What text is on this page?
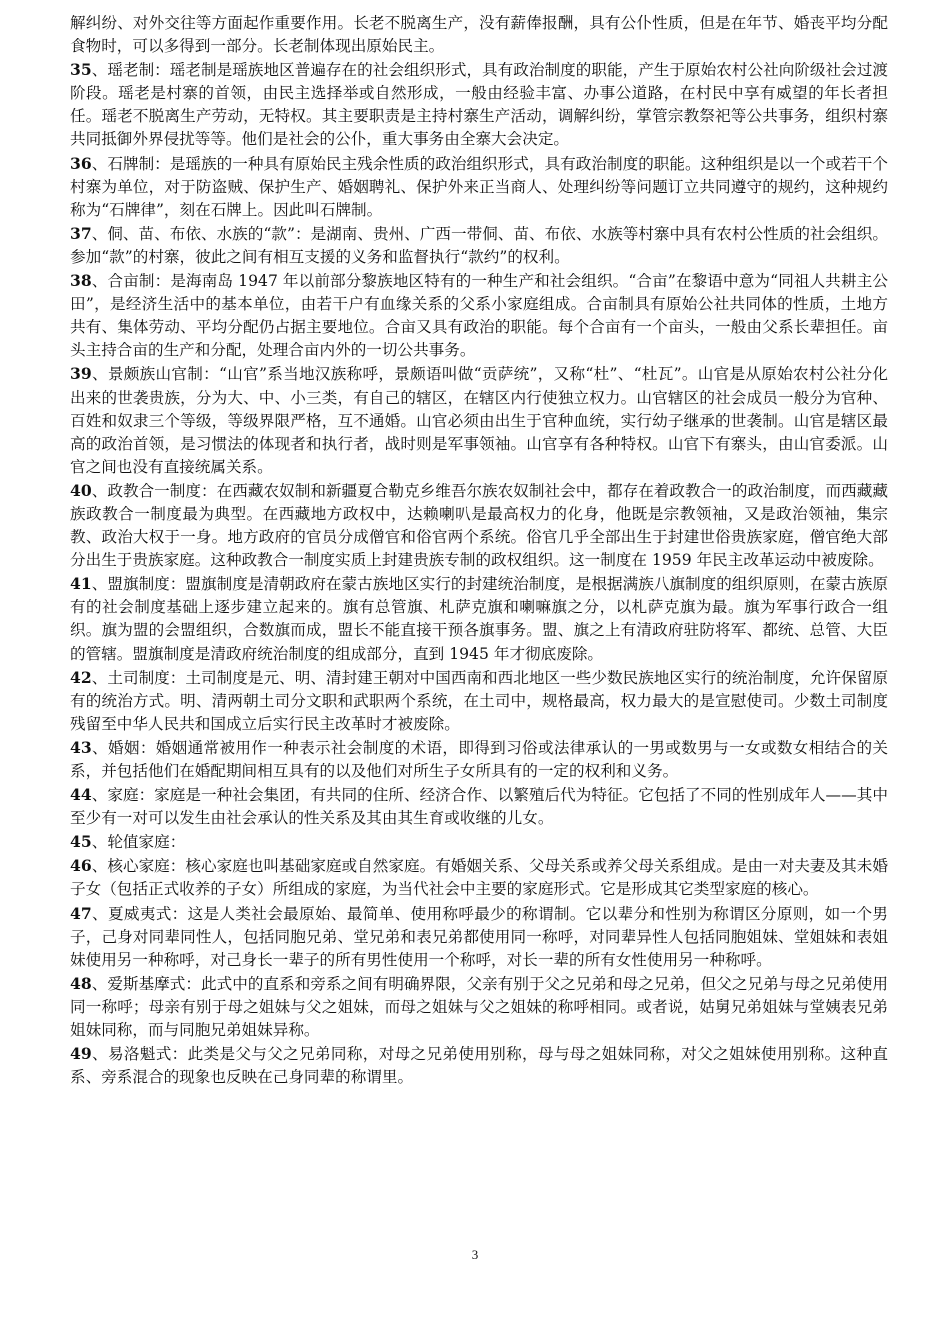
解纠纷、对外交往等方面起作重要作用。长老不脱离生产，没有薪俸报酬，具有公仆性质，但是在年节、婚丧平均分配食物时，可以多得到一部分。长老制体现出原始民主。

35、瑶老制：瑶老制是瑶族地区普遍存在的社会组织形式，具有政治制度的职能，产生于原始农村公社向阶级社会过渡阶段。瑶老是村寨的首领，由民主选择举或自然形成，一般由经验丰富、办事公道路，在村民中享有威望的年长者担任。瑶老不脱离生产劳动，无特权。其主要职责是主持村寨生产活动，调解纠纷，掌管宗教祭祀等公共事务，组织村寨共同抵御外界侵扰等等。他们是社会的公仆，重大事务由全寨大会决定。

36、石牌制：是瑶族的一种具有原始民主残余性质的政治组织形式，具有政治制度的职能。这种组织是以一个或若干个村寨为单位，对于防盗贼、保护生产、婚姻聘礼、保护外来正当商人、处理纠纷等问题订立共同遵守的规约，这种规约称为“石牌律”，刻在石牌上。因此叫石牌制。

37、侗、苗、布依、水族的“款”：是湖南、贵州、广西一带侗、苗、布依、水族等村寨中具有农村公性质的社会组织。参加“款”的村寨，彼此之间有相互支援的义务和监督执行“款约”的权利。

38、合亩制：是海南岛 1947 年以前部分黎族地区特有的一种生产和社会组织。“合亩”在黎语中意为“同祖人共耕主公田”，是经济生活中的基本单位，由若干户有血缘关系的父系小家庭组成。合亩制具有原始公社共同体的性质，土地方共有、集体劳动、平均分配仍占据主要地位。合亩又具有政治的职能。每个合亩有一个亩头，一般由父系长辈担任。亩头主持合亩的生产和分配，处理合亩内外的一切公共事务。

39、景颇族山官制：“山官”系当地汉族称呼，景颇语叫做“贡萨统”，又称“杜”、“杜瓦”。山官是从原始农村公社分化出来的世袭贵族，分为大、中、小三类，有自己的辖区，在辖区内行使独立权力。山官辖区的社会成员一般分为官种、百姓和奴隶三个等级，等级界限严格，互不通婚。山官必须由出生于官种血统，实行幼子继承的世袭制。山官是辖区最高的政治首领，是习惯法的体现者和执行者，战时则是军事领袖。山官享有各种特权。山官下有寨头，由山官委派。山官之间也没有直接统属关系。

40、政教合一制度：在西藏农奴制和新疆夏合勒克乡维吾尔族农奴制社会中，都存在着政教合一的政治制度，而西藏藏族政教合一制度最为典型。在西藏地方政权中，达赖喇叭是最高权力的化身，他既是宗教领袖，又是政治领袖，集宗教、政治大权于一身。地方政府的官员分成僧官和俗官两个系统。俗官几乎全部出生于封建世俗贵族家庭，僧官绝大部分出生于贵族家庭。这种政教合一制度实质上封建贵族专制的政权组织。这一制度在 1959 年民主改革运动中被废除。

41、盟旗制度：盟旗制度是清朝政府在蒙古族地区实行的封建统治制度，是根据满族八旗制度的组织原则，在蒙古族原有的社会制度基础上逐步建立起来的。旗有总管旗、札萨克旗和喇嘛旗之分，以札萨克旗为最。旗为军事行政合一组织。旗为盟的会盟组织，合数旗而成，盟长不能直接干预各旗事务。盟、旗之上有清政府驻防将军、都统、总管、大臣的管辖。盟旗制度是清政府统治制度的组成部分，直到 1945 年才彻底废除。

42、土司制度：土司制度是元、明、清封建王朝对中国西南和西北地区一些少数民族地区实行的统治制度，允许保留原有的统治方式。明、清两朝土司分文职和武职两个系统，在土司中，规格最高，权力最大的是宣慰使司。少数土司制度残留至中华人民共和国成立后实行民主改革时才被废除。

43、婚姻：婚姻通常被用作一种表示社会制度的术语，即得到习俗或法律承认的一男或数男与一女或数女相结合的关系，并包括他们在婚配期间相互具有的以及他们对所生子女所具有的一定的权利和义务。

44、家庭：家庭是一种社会集团，有共同的住所、经济合作、以繁殖后代为特征。它包括了不同的性别成年人——其中至少有一对可以发生由社会承认的性关系及其由其生育或收继的儿女。

45、轮值家庭：

46、核心家庭：核心家庭也叫基础家庭或自然家庭。有婚姻关系、父母关系或养父母关系组成。是由一对夫妻及其未婚子女（包括正式收养的子女）所组成的家庭，为当代社会中主要的家庭形式。它是形成其它类型家庭的核心。

47、夏威夷式：这是人类社会最原始、最简单、使用称呼最少的称谓制。它以辈分和性别为称谓区分原则，如一个男子，己身对同辈同性人，包括同胞兄弟、堂兄弟和表兄弟都使用同一称呼，对同辈异性人包括同胞姐妹、堂姐妹和表姐妹使用另一种称呼，对己身长一辈子的所有男性使用一个称呼，对长一辈的所有女性使用另一种称呼。

48、爱斯基摩式：此式中的直系和旁系之间有明确界限，父亲有别于父之兄弟和母之兄弟，但父之兄弟与母之兄弟使用同一称呼；母亲有别于母之姐妹与父之姐妹，而母之姐妹与父之姐妹的称呼相同。或者说，姑舅兄弟姐妹与堂姨表兄弟姐妹同称，而与同胞兄弟姐妹异称。

49、易洛魁式：此类是父与父之兄弟同称，对母之兄弟使用别称，母与母之姐妹同称，对父之姐妹使用别称。这种直系、旁系混合的现象也反映在己身同辈的称谓里。

3
